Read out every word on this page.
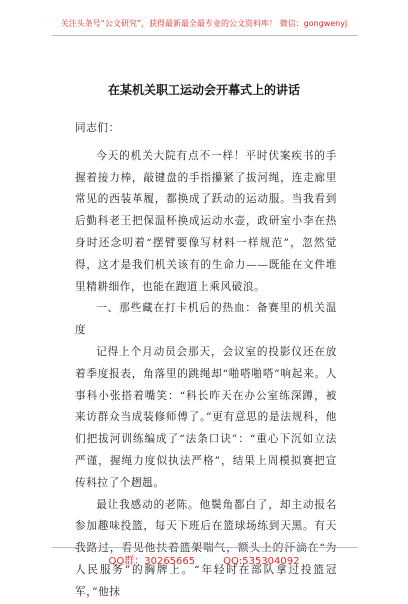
关注头条号“公文研究”，获得最新最全最专业的公文资料库！ 微信：gongwenyj
在某机关职工运动会开幕式上的讲话

同志们：

今天的机关大院有点不一样！平时伏案疾书的手握着接力棒，敲键盘的手指攥紧了拔河绳，连走廊里常见的西装革履，都换成了跃动的运动服。当我看到后勤科老王把保温杯换成运动水壶，政研室小李在热身时还念叨着“摆臂要像写材料一样规范”，忽然觉得，这才是我们机关该有的生命力——既能在文件堆里精耕细作，也能在跑道上乘风破浪。

一、那些藏在打卡机后的热血：备赛里的机关温度

记得上个月动员会那天，会议室的投影仪还在放着季度报表，角落里的跳绳却“啪嗒啪嗒”响起来。人事科小张搭着嘴笑：“科长昨天在办公室练深蹲，被来访群众当成装修师傅了。”更有意思的是法规科，他们把拔河训练编成了“法条口诀”：“重心下沉如立法严谨，握绳力度似执法严格”，结果上周模拟赛把宣传科拉了个趔趄。

最让我感动的老陈。他鬓角都白了，却主动报名参加趣味投篮，每天下班后在篮球场练到天黑。有天我路过，看见他扶着篮架喘气，额头上的汗滴在“为人民服务”的胸牌上。“年轻时在部队拿过投篮冠军，”他抹

QQ群：30265665	QQ:535304092
